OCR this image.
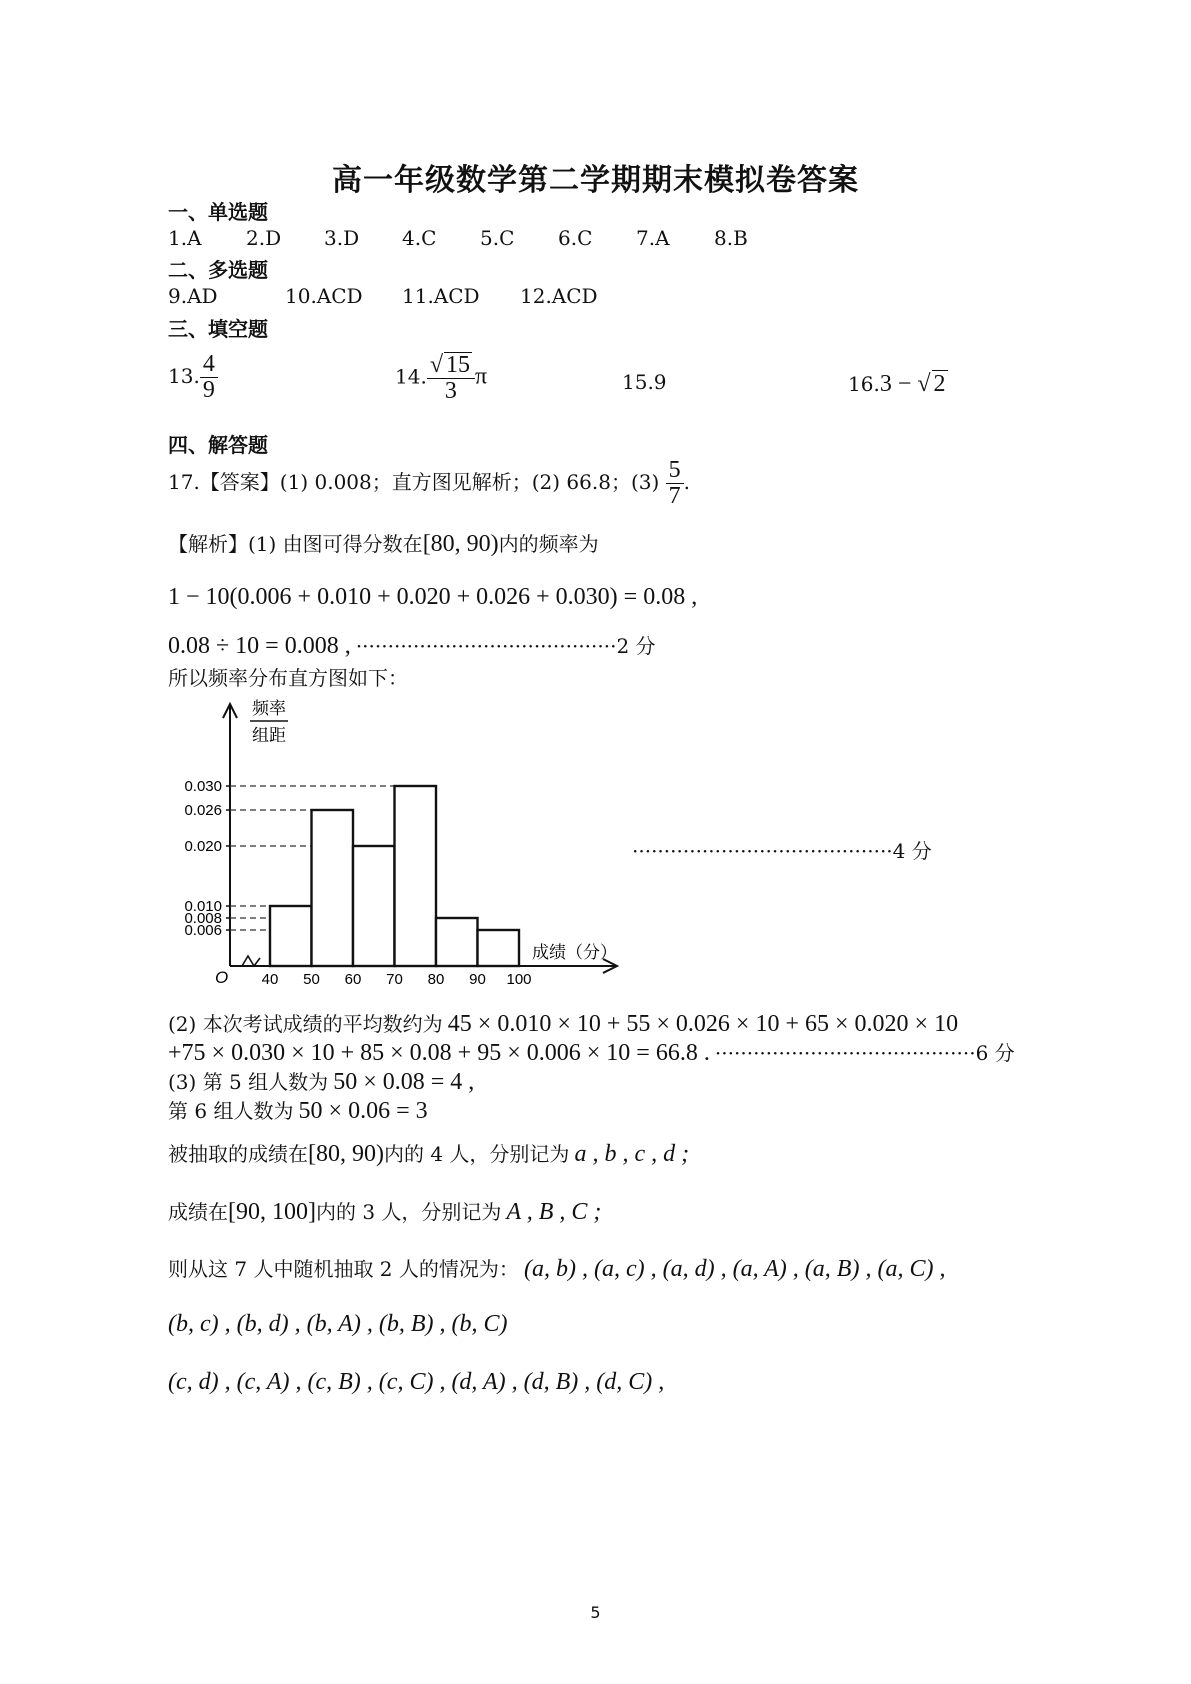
高一年级数学第二学期期末模拟卷答案
一、单选题
1.A 2.D 3.D 4.C 5.C 6.C 7.A 8.B
二、多选题
9.AD	10.ACD 11.ACD 12.ACD
三、填空题
13. $\frac{4}{9}$	14. $\frac{√ 15}{3}$ π	15.9	16.3 − √ 2
四、解答题
17.【答案】(1) 0.008；直方图见解析；(2) 66.8；$(3) \frac{5}{7}$ .
【解析】(1) 由图可得分数在[80, 90)内的频率为
1 − 10(0.006 + 0.010 + 0.020 + 0.026 + 0.030) = 0.08 ,
0.08 ÷ 10 = 0.008 , ·········································2 分
所以频率分布直方图如下：
频率
组距
O
成绩（分）
0.030
0.026
0.020
0.010
0.008
0.006
40 50 60 70 80 90 100
·········································4 分
(2) 本次考试成绩的平均数约为 45 × 0.010 × 10 + 55 × 0.026 × 10 + 65 × 0.020 × 10
+75 × 0.030 × 10 + 85 × 0.08 + 95 × 0.006 × 10 = 66.8 . ·········································6 分
(3) 第 5 组人数为 50 × 0.08 = 4 ,
第 6 组人数为 50 × 0.06 = 3
被抽取的成绩在[80, 90)内的 4 人，分别记为 a , b , c , d ;
成绩在[90, 100]内的 3 人，分别记为 A , B , C ;
则从这 7 人中随机抽取 2 人的情况为： (a, b) , (a, c) , (a, d) , (a, A) , (a, B) , (a, C) ,
(b, c) , (b, d) , (b, A) , (b, B) , (b, C)
(c, d) , (c, A) , (c, B) , (c, C) , (d, A) , (d, B) , (d, C) ,
5
